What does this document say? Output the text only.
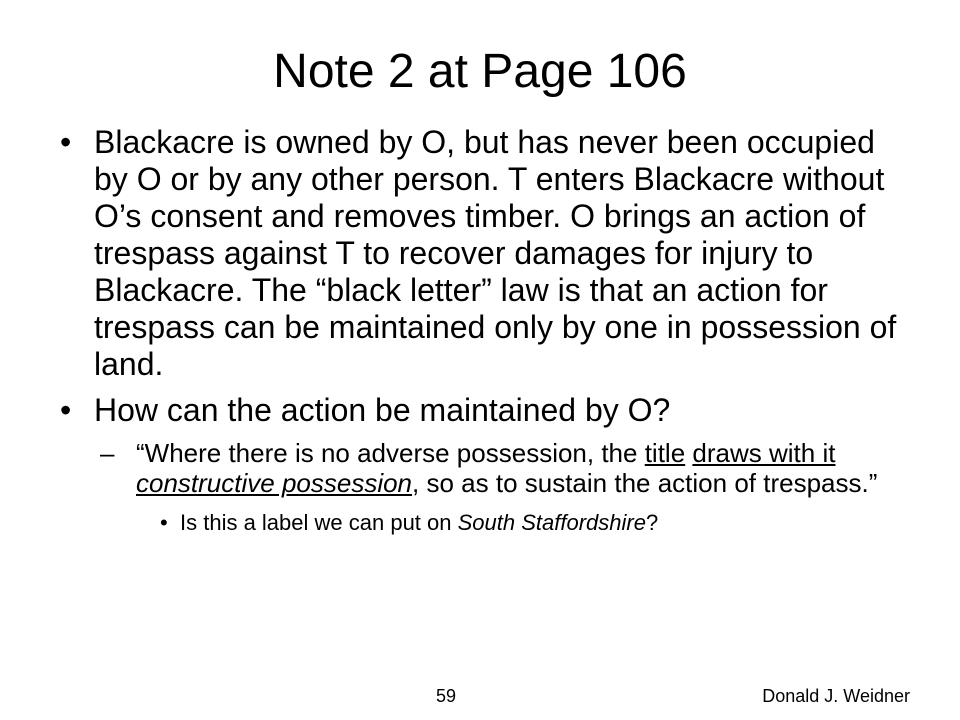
Note 2 at Page 106
• Blackacre is owned by O, but has never been occupied by O or by any other person. T enters Blackacre without O’s consent and removes timber. O brings an action of trespass against T to recover damages for injury to Blackacre. The “black letter” law is that an action for trespass can be maintained only by one in possession of land.
• How can the action be maintained by O?
– “Where there is no adverse possession, the title draws with it constructive possession, so as to sustain the action of trespass.”
• Is this a label we can put on South Staffordshire?
59	Donald J. Weidner
